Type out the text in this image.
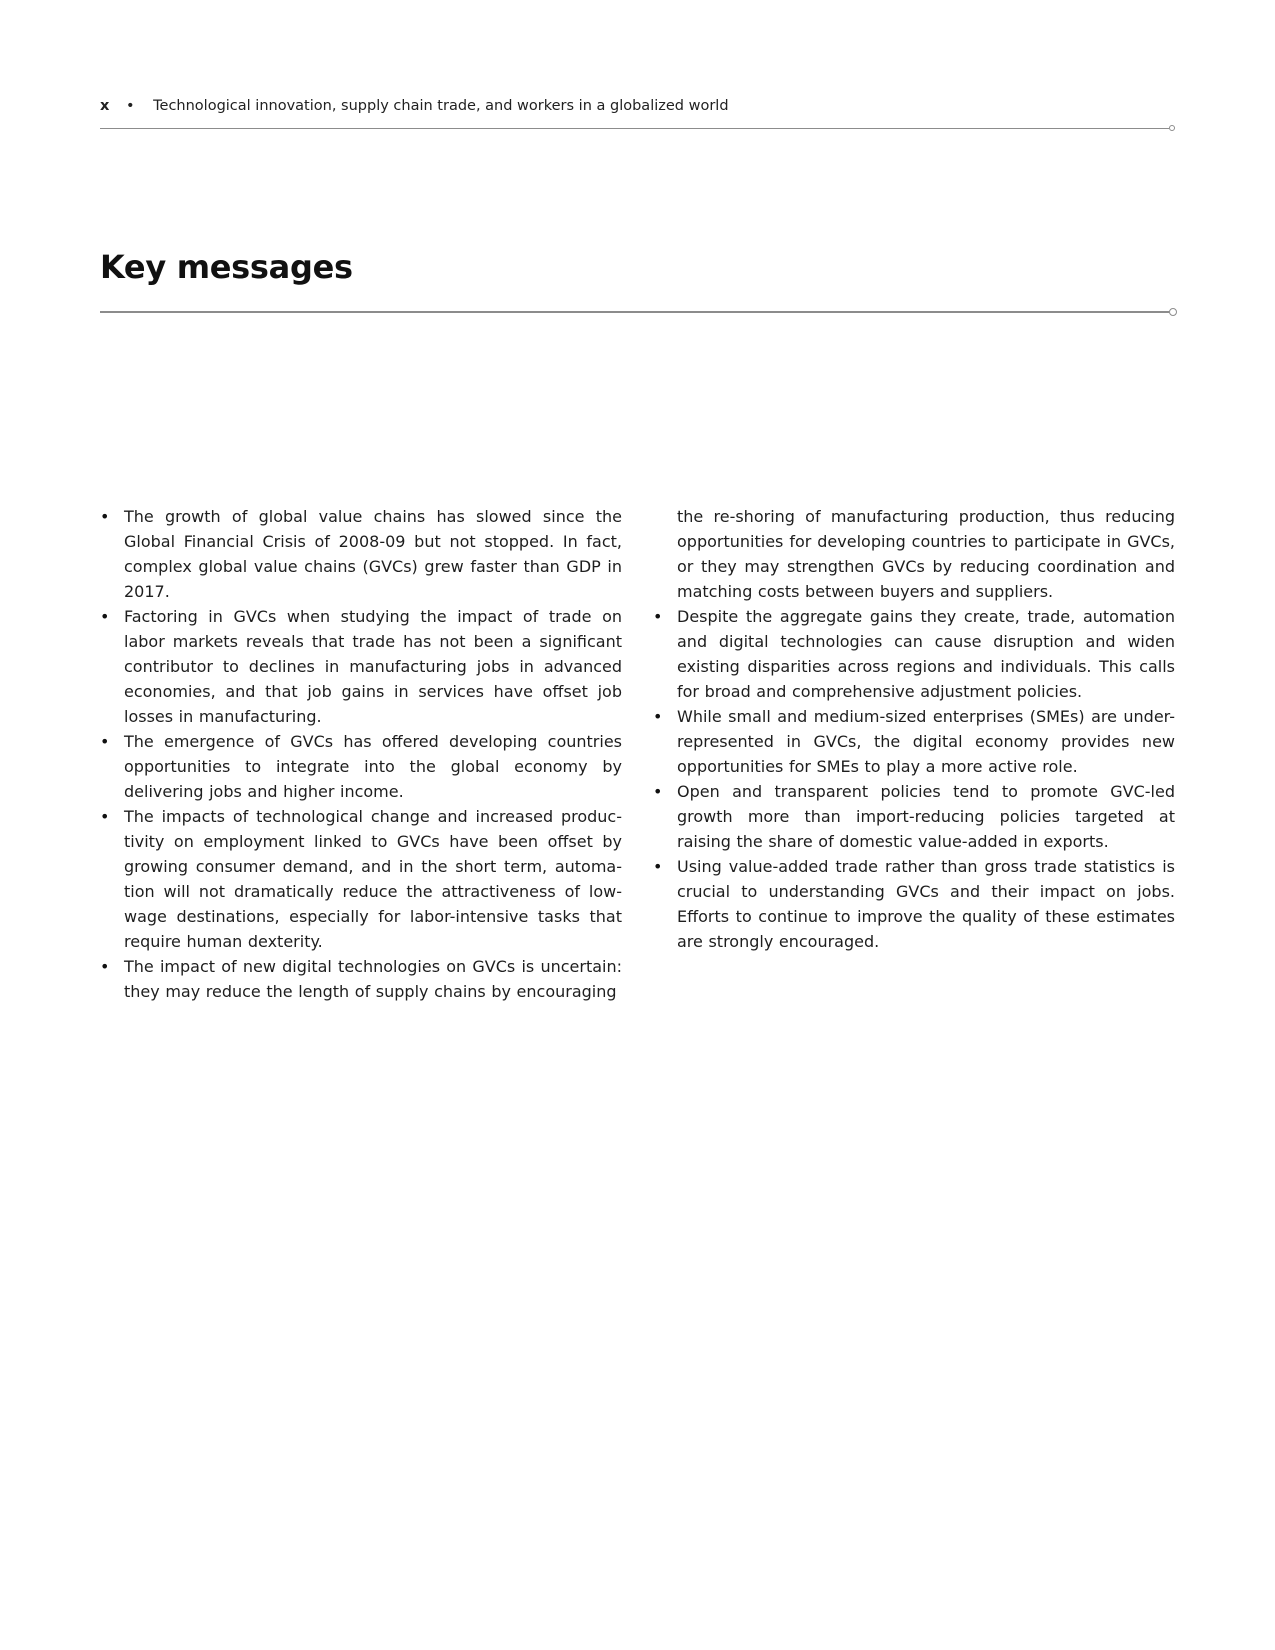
x • Technological innovation, supply chain trade, and workers in a globalized world
Key messages
• The growth of global value chains has slowed since the Global Financial Crisis of 2008-09 but not stopped. In fact, complex global value chains (GVCs) grew faster than GDP in 2017.
• Factoring in GVCs when studying the impact of trade on labor markets reveals that trade has not been a significant contributor to declines in manufacturing jobs in advanced economies, and that job gains in services have offset job losses in manufacturing.
• The emergence of GVCs has offered developing countries opportunities to integrate into the global economy by delivering jobs and higher income.
• The impacts of technological change and increased productivity on employment linked to GVCs have been offset by growing consumer demand, and in the short term, automation will not dramatically reduce the attractiveness of low-wage destinations, especially for labor-intensive tasks that require human dexterity.
• The impact of new digital technologies on GVCs is uncertain: they may reduce the length of supply chains by encouraging
the re-shoring of manufacturing production, thus reducing opportunities for developing countries to participate in GVCs, or they may strengthen GVCs by reducing coordination and matching costs between buyers and suppliers.
• Despite the aggregate gains they create, trade, automation and digital technologies can cause disruption and widen existing disparities across regions and individuals. This calls for broad and comprehensive adjustment policies.
• While small and medium-sized enterprises (SMEs) are under-represented in GVCs, the digital economy provides new opportunities for SMEs to play a more active role.
• Open and transparent policies tend to promote GVC-led growth more than import-reducing policies targeted at raising the share of domestic value-added in exports.
• Using value-added trade rather than gross trade statistics is crucial to understanding GVCs and their impact on jobs. Efforts to continue to improve the quality of these estimates are strongly encouraged.
